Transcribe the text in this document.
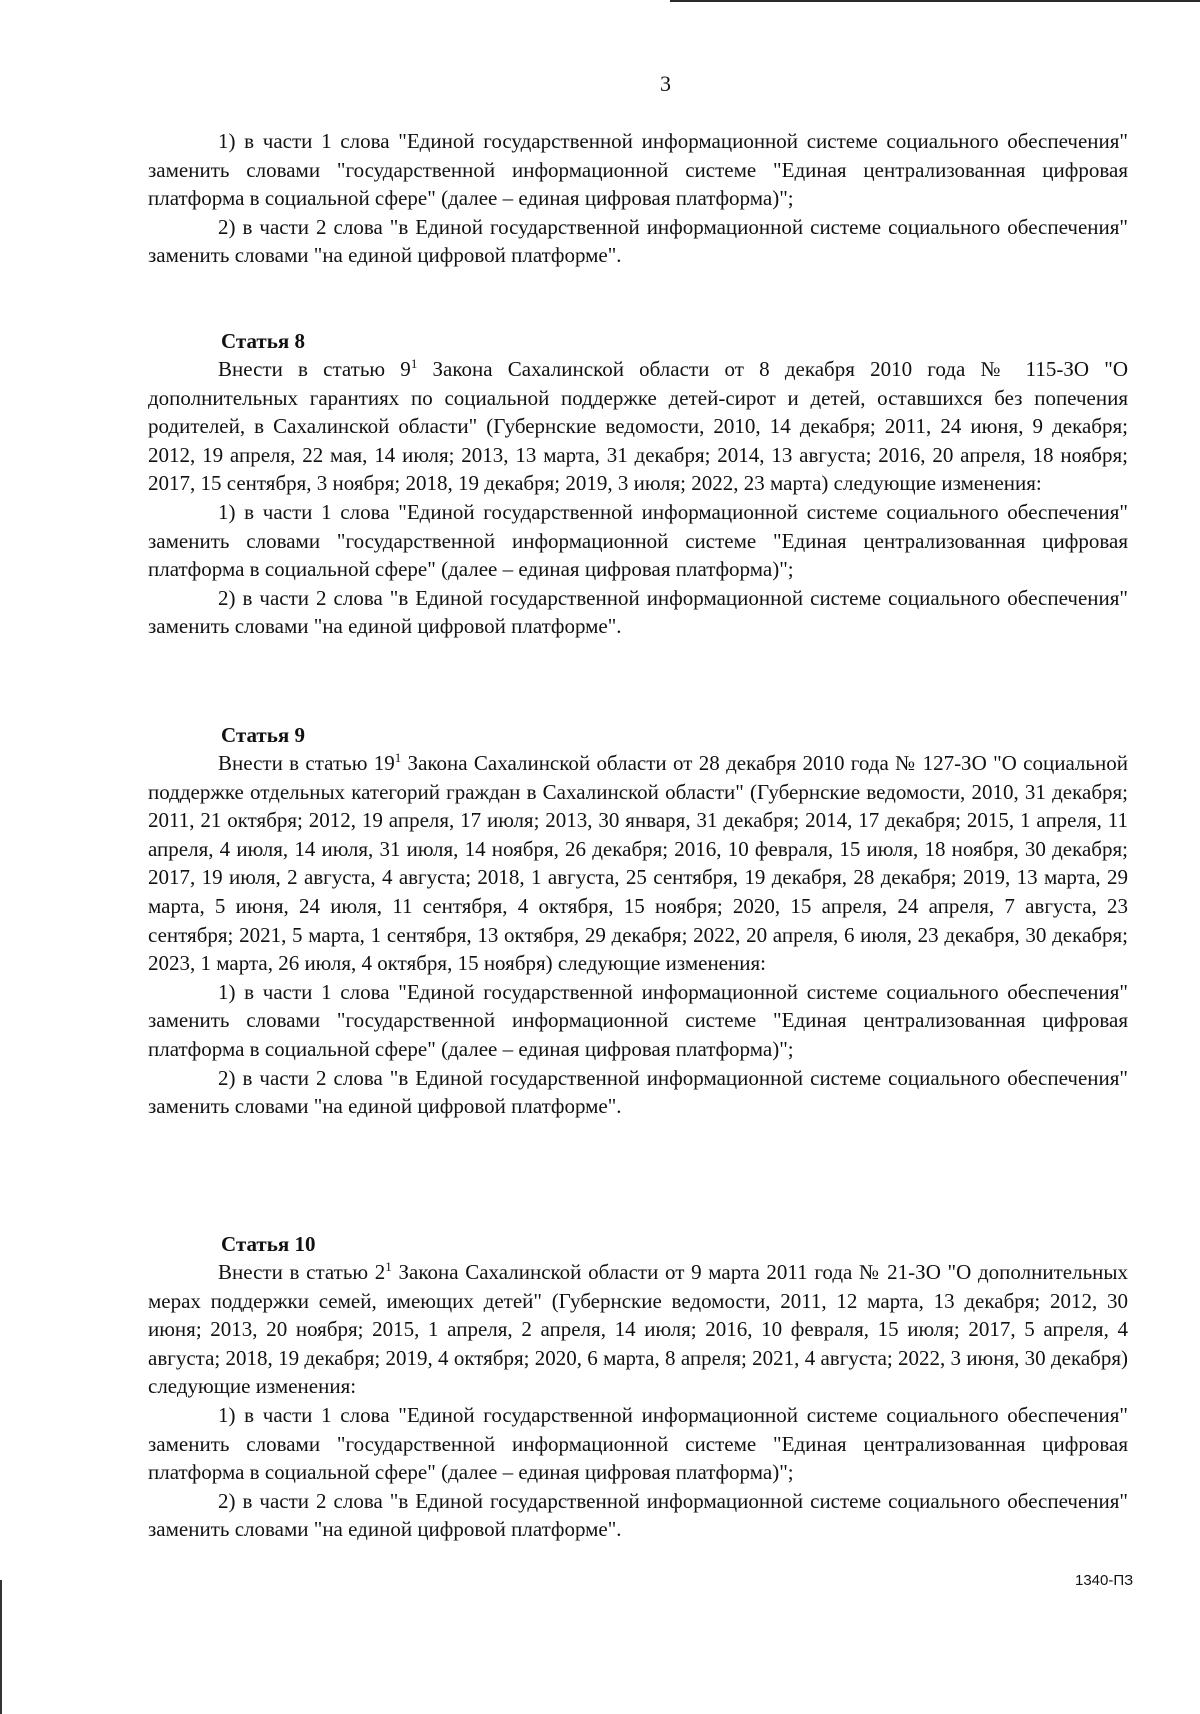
3

1) в части 1 слова "Единой государственной информационной системе социального обеспечения" заменить словами "государственной информационной системе "Единая централизованная цифровая платформа в социальной сфере" (далее – единая цифровая платформа)";

2) в части 2 слова "в Единой государственной информационной системе социального обеспечения" заменить словами "на единой цифровой платформе".

Статья 8

Внести в статью $9^1$ Закона Сахалинской области от 8 декабря 2010 года № 115-ЗО "О дополнительных гарантиях по социальной поддержке детей-сирот и детей, оставшихся без попечения родителей, в Сахалинской области" (Губернские ведомости, 2010, 14 декабря; 2011, 24 июня, 9 декабря; 2012, 19 апреля, 22 мая, 14 июля; 2013, 13 марта, 31 декабря; 2014, 13 августа; 2016, 20 апреля, 18 ноября; 2017, 15 сентября, 3 ноября; 2018, 19 декабря; 2019, 3 июля; 2022, 23 марта) следующие изменения:

1) в части 1 слова "Единой государственной информационной системе социального обеспечения" заменить словами "государственной информационной системе "Единая централизованная цифровая платформа в социальной сфере" (далее – единая цифровая платформа)";

2) в части 2 слова "в Единой государственной информационной системе социального обеспечения" заменить словами "на единой цифровой платформе".

Статья 9

Внести в статью $19^1$ Закона Сахалинской области от 28 декабря 2010 года № 127-ЗО "О социальной поддержке отдельных категорий граждан в Сахалинской области" (Губернские ведомости, 2010, 31 декабря; 2011, 21 октября; 2012, 19 апреля, 17 июля; 2013, 30 января, 31 декабря; 2014, 17 декабря; 2015, 1 апреля, 11 апреля, 4 июля, 14 июля, 31 июля, 14 ноября, 26 декабря; 2016, 10 февраля, 15 июля, 18 ноября, 30 декабря; 2017, 19 июля, 2 августа, 4 августа; 2018, 1 августа, 25 сентября, 19 декабря, 28 декабря; 2019, 13 марта, 29 марта, 5 июня, 24 июля, 11 сентября, 4 октября, 15 ноября; 2020, 15 апреля, 24 апреля, 7 августа, 23 сентября; 2021, 5 марта, 1 сентября, 13 октября, 29 декабря; 2022, 20 апреля, 6 июля, 23 декабря, 30 декабря; 2023, 1 марта, 26 июля, 4 октября, 15 ноября) следующие изменения:

1) в части 1 слова "Единой государственной информационной системе социального обеспечения" заменить словами "государственной информационной системе "Единая централизованная цифровая платформа в социальной сфере" (далее – единая цифровая платформа)";

2) в части 2 слова "в Единой государственной информационной системе социального обеспечения" заменить словами "на единой цифровой платформе".

Статья 10

Внести в статью $2^1$ Закона Сахалинской области от 9 марта 2011 года № 21-ЗО "О дополнительных мерах поддержки семей, имеющих детей" (Губернские ведомости, 2011, 12 марта, 13 декабря; 2012, 30 июня; 2013, 20 ноября; 2015, 1 апреля, 2 апреля, 14 июля; 2016, 10 февраля, 15 июля; 2017, 5 апреля, 4 августа; 2018, 19 декабря; 2019, 4 октября; 2020, 6 марта, 8 апреля; 2021, 4 августа; 2022, 3 июня, 30 декабря) следующие изменения:

1) в части 1 слова "Единой государственной информационной системе социального обеспечения" заменить словами "государственной информационной системе "Единая централизованная цифровая платформа в социальной сфере" (далее – единая цифровая платформа)";

2) в части 2 слова "в Единой государственной информационной системе социального обеспечения" заменить словами "на единой цифровой платформе".

1340-ПЗ
